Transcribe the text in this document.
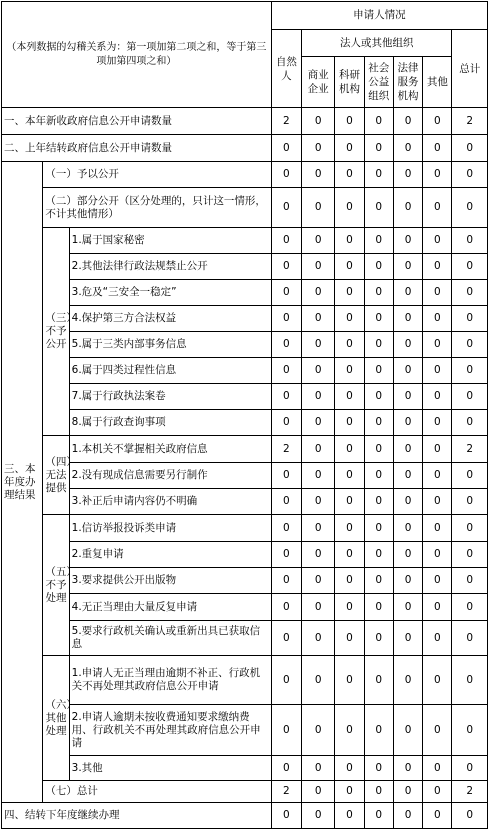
（本列数据的勾稽关系为：第一项加第二项之和，等于第三项加第四项之和）			申请人情况						
			自然人	法人或其他组织					总计
				商业企业	科研机构	社会公益组织	法律服务机构	其他	
一、本年新收政府信息公开申请数量			2	0	0	0	0	0	2
二、上年结转政府信息公开申请数量			0	0	0	0	0	0	0
三、本年度办理结果	（一）予以公开		0	0	0	0	0	0	0
	（二）部分公开（区分处理的，只计这一情形，不计其他情形）		0	0	0	0	0	0	0
	（三）不予公开	1.属于国家秘密	0	0	0	0	0	0	0
		2.其他法律行政法规禁止公开	0	0	0	0	0	0	0
		3.危及“三安全一稳定”	0	0	0	0	0	0	0
		4.保护第三方合法权益	0	0	0	0	0	0	0
		5.属于三类内部事务信息	0	0	0	0	0	0	0
		6.属于四类过程性信息	0	0	0	0	0	0	0
		7.属于行政执法案卷	0	0	0	0	0	0	0
		8.属于行政查询事项	0	0	0	0	0	0	0
	（四）无法提供	1.本机关不掌握相关政府信息	2	0	0	0	0	0	2
		2.没有现成信息需要另行制作	0	0	0	0	0	0	0
		3.补正后申请内容仍不明确	0	0	0	0	0	0	0
	（五）不予处理	1.信访举报投诉类申请	0	0	0	0	0	0	0
		2.重复申请	0	0	0	0	0	0	0
		3.要求提供公开出版物	0	0	0	0	0	0	0
		4.无正当理由大量反复申请	0	0	0	0	0	0	0
		5.要求行政机关确认或重新出具已获取信息	0	0	0	0	0	0	0
	（六）其他处理	1.申请人无正当理由逾期不补正、行政机关不再处理其政府信息公开申请	0	0	0	0	0	0	0
		2.申请人逾期未按收费通知要求缴纳费用、行政机关不再处理其政府信息公开申请	0	0	0	0	0	0	0
		3.其他	0	0	0	0	0	0	0
	（七）总计		2	0	0	0	0	0	2
四、结转下年度继续办理			0	0	0	0	0	0	0
